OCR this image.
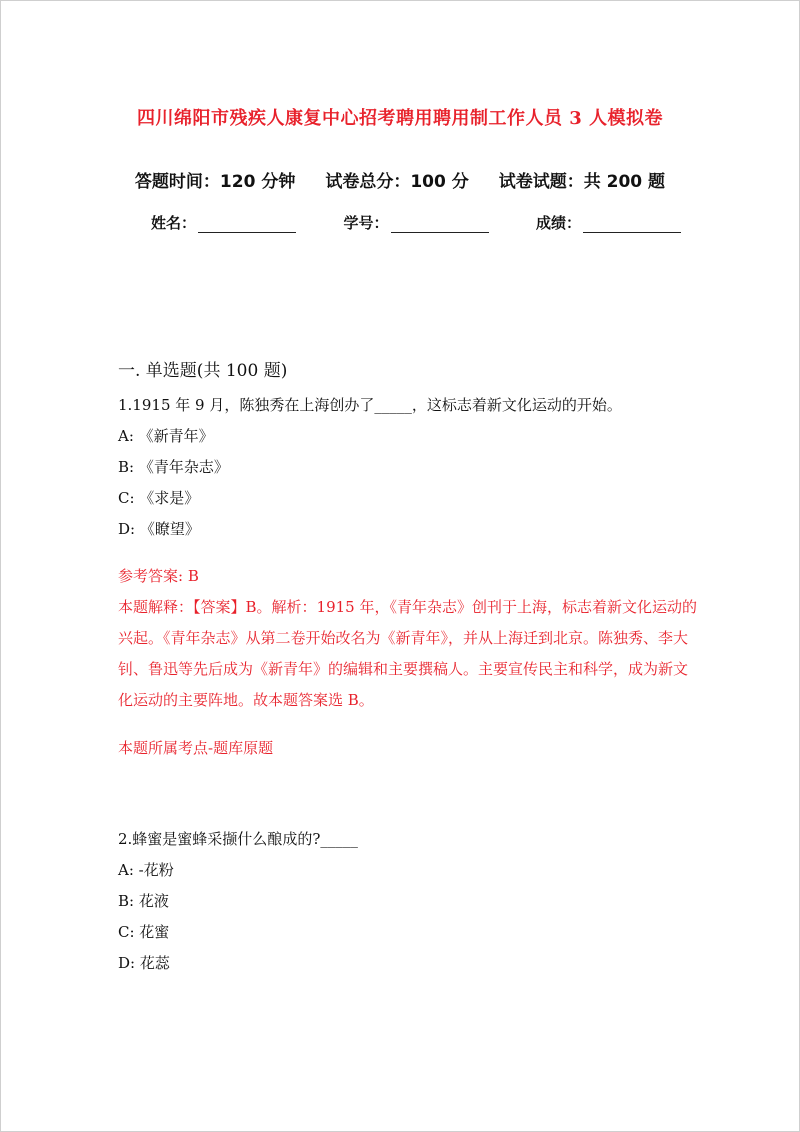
四川绵阳市残疾人康复中心招考聘用聘用制工作人员 3 人模拟卷
答题时间：120 分钟 试卷总分：100 分 试卷试题：共 200 题
姓名：	学号：	成绩：
一. 单选题(共 100 题)
1.1915 年 9 月，陈独秀在上海创办了_____，这标志着新文化运动的开始。
A: 《新青年》
B: 《青年杂志》
C: 《求是》
D: 《瞭望》
参考答案: B
本题解释：【答案】B。解析：1915 年，《青年杂志》创刊于上海，标志着新文化运动的兴起。《青年杂志》从第二卷开始改名为《新青年》，并从上海迁到北京。陈独秀、李大钊、鲁迅等先后成为《新青年》的编辑和主要撰稿人。主要宣传民主和科学，成为新文化运动的主要阵地。故本题答案选 B。
本题所属考点-题库原题
2.蜂蜜是蜜蜂采撷什么酿成的?_____
A: -花粉
B: 花液
C: 花蜜
D: 花蕊
